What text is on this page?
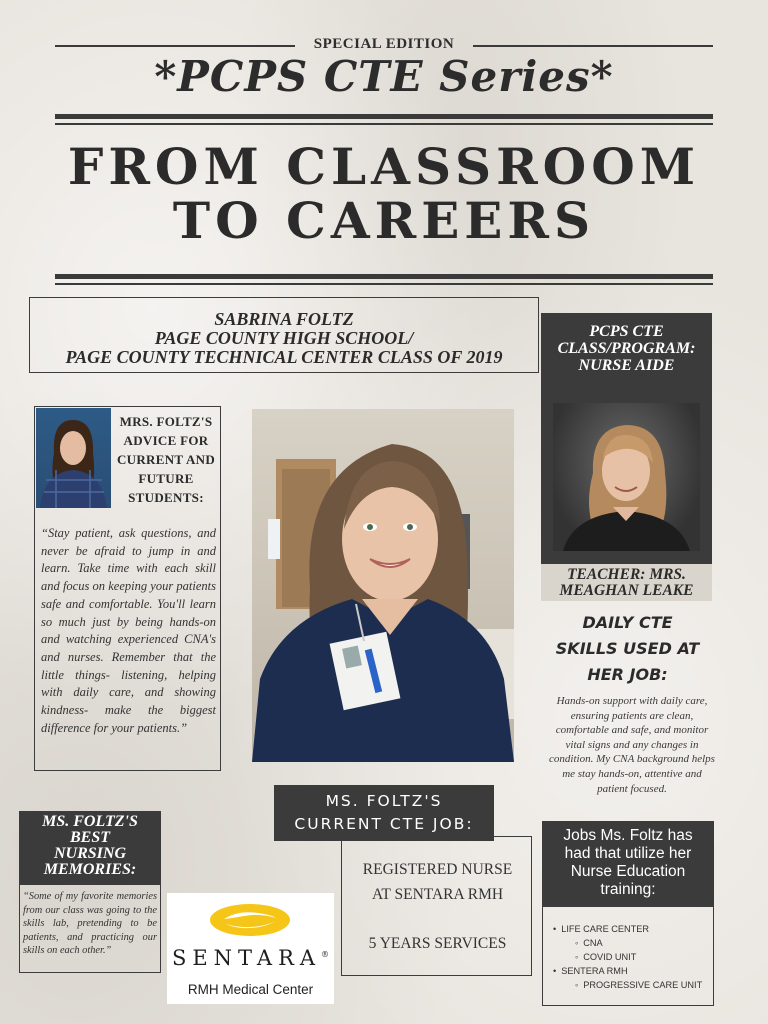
SPECIAL EDITION
*PCPS CTE Series*
FROM CLASSROOM
TO CAREERS
SABRINA FOLTZ
PAGE COUNTY HIGH SCHOOL/
PAGE COUNTY TECHNICAL CENTER CLASS OF 2019
PCPS CTE
CLASS/PROGRAM:
NURSE AIDE
TEACHER: MRS.
MEAGHAN LEAKE
MRS. FOLTZ'S
ADVICE FOR
CURRENT AND
FUTURE
STUDENTS:
“Stay patient, ask questions, and never be afraid to jump in and learn. Take time with each skill and focus on keeping your patients safe and comfortable. You'll learn so much just by being hands-on and watching experienced CNA's and nurses. Remember that the little things- listening, helping with daily care, and showing kindness- make the biggest difference for your patients.”
DAILY CTE
SKILLS USED AT
HER JOB:
Hands-on support with daily care, ensuring patients are clean, comfortable and safe, and monitor vital signs and any changes in condition. My CNA background helps me stay hands-on, attentive and patient focused.
MS. FOLTZ'S
BEST
NURSING
MEMORIES:
“Some of my favorite memories from our class was going to the skills lab, pretending to be patients, and practicing our skills on each other.”	SENTARA®
RMH Medical Center
REGISTERED NURSE
AT SENTARA RMH
5 YEARS SERVICES
MS. FOLTZ'S
CURRENT CTE JOB:
Jobs Ms. Foltz has
had that utilize her
Nurse Education
training:
• LIFE CARE CENTER
◦ CNA
◦ COVID UNIT
• SENTERA RMH
◦ PROGRESSIVE CARE UNIT
